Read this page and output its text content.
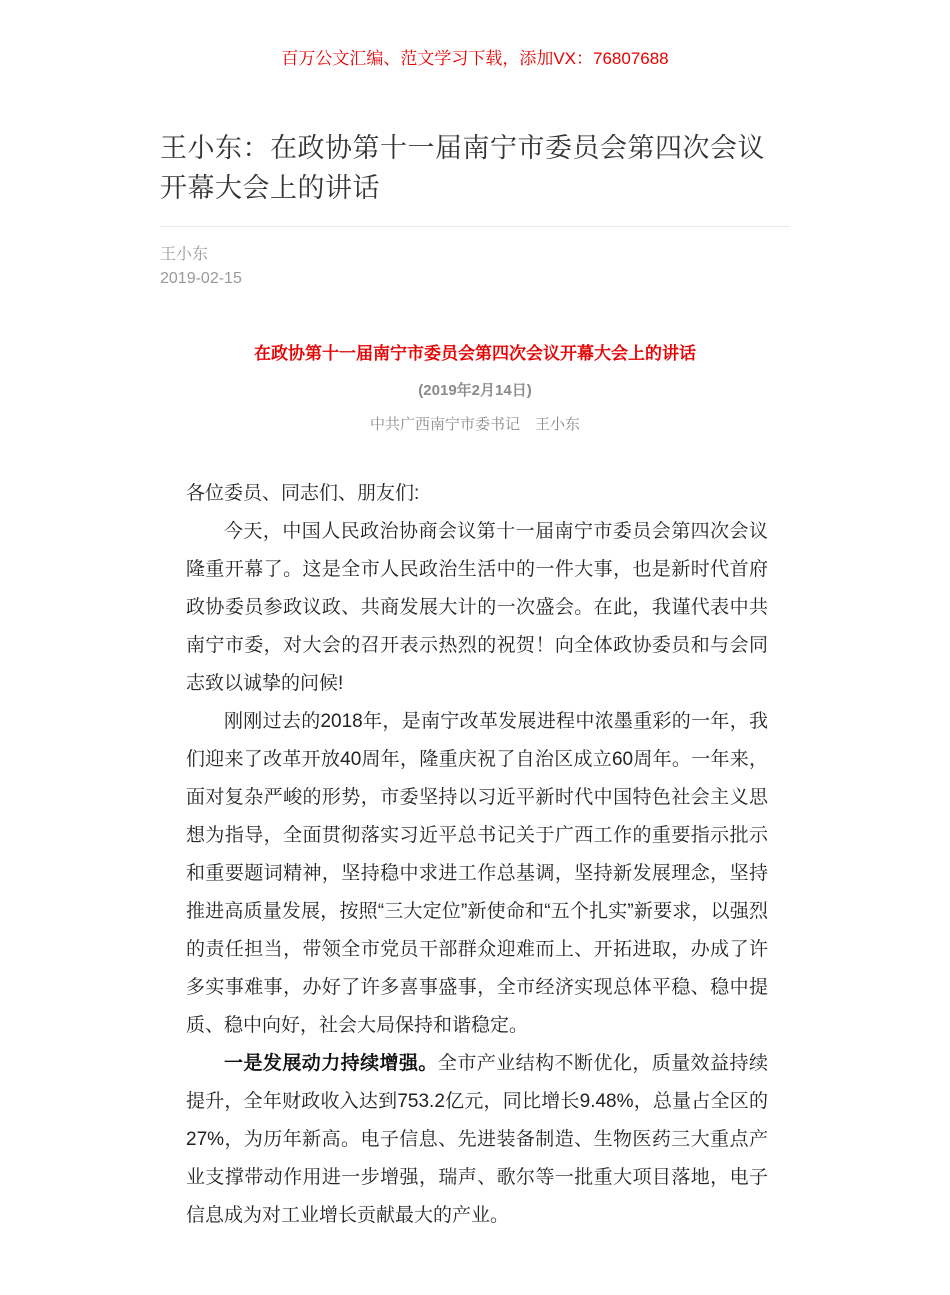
百万公文汇编、范文学习下载，添加VX：76807688
王小东：在政协第十一届南宁市委员会第四次会议开幕大会上的讲话
王小东
2019-02-15
在政协第十一届南宁市委员会第四次会议开幕大会上的讲话
(2019年2月14日)
中共广西南宁市委书记　王小东

各位委员、同志们、朋友们:

今天，中国人民政治协商会议第十一届南宁市委员会第四次会议隆重开幕了。这是全市人民政治生活中的一件大事，也是新时代首府政协委员参政议政、共商发展大计的一次盛会。在此，我谨代表中共南宁市委，对大会的召开表示热烈的祝贺！向全体政协委员和与会同志致以诚挚的问候!

刚刚过去的2018年，是南宁改革发展进程中浓墨重彩的一年，我们迎来了改革开放40周年，隆重庆祝了自治区成立60周年。一年来，面对复杂严峻的形势，市委坚持以习近平新时代中国特色社会主义思想为指导，全面贯彻落实习近平总书记关于广西工作的重要指示批示和重要题词精神，坚持稳中求进工作总基调，坚持新发展理念，坚持推进高质量发展，按照“三大定位”新使命和“五个扎实”新要求，以强烈的责任担当，带领全市党员干部群众迎难而上、开拓进取，办成了许多实事难事，办好了许多喜事盛事，全市经济实现总体平稳、稳中提质、稳中向好，社会大局保持和谐稳定。

一是发展动力持续增强。全市产业结构不断优化，质量效益持续提升，全年财政收入达到753.2亿元，同比增长9.48%，总量占全区的27%，为历年新高。电子信息、先进装备制造、生物医药三大重点产业支撑带动作用进一步增强，瑞声、歌尔等一批重大项目落地，电子信息成为对工业增长贡献最大的产业。
